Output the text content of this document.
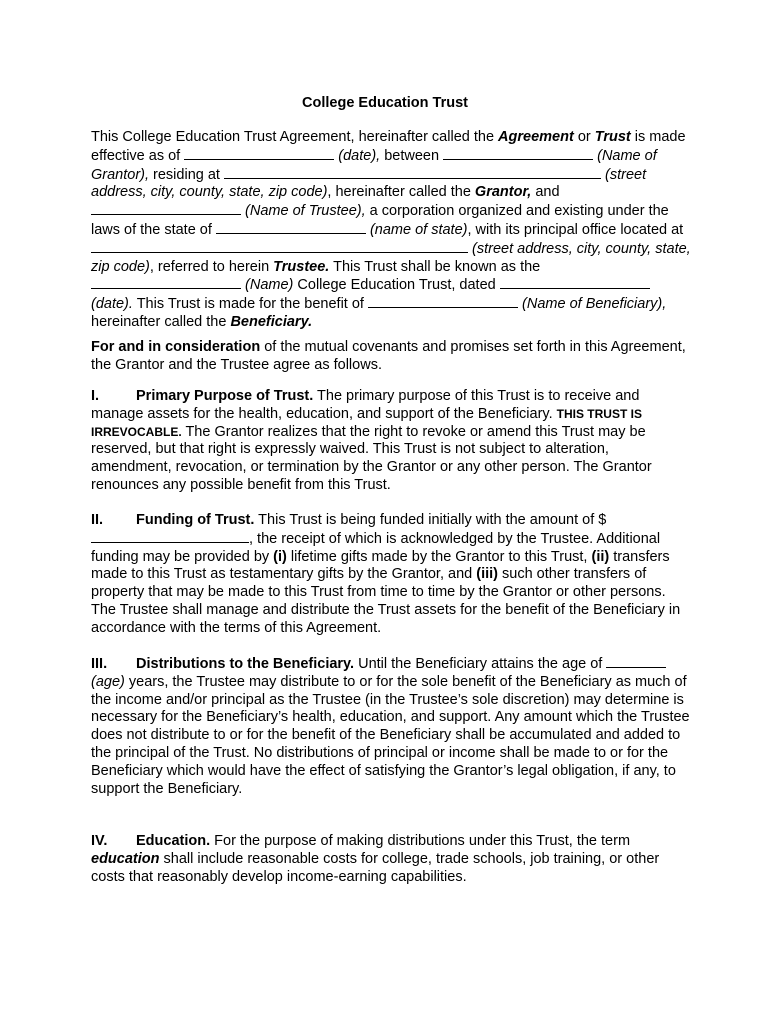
College Education Trust

This College Education Trust Agreement, hereinafter called the Agreement or Trust is made effective as of	(date), between	(Name of Grantor), residing at	(street address, city, county, state, zip code), hereinafter called the Grantor, and  (Name of Trustee), a corporation organized and existing under the laws of the state of	(name of state), with its principal office located at  (street address, city, county, state, zip code), referred to herein Trustee. This Trust shall be known as the  (Name) College Education Trust, dated  (date). This Trust is made for the benefit of	(Name of Beneficiary), hereinafter called the Beneficiary.

For and in consideration of the mutual covenants and promises set forth in this Agreement, the Grantor and the Trustee agree as follows.

I.	Primary Purpose of Trust. The primary purpose of this Trust is to receive and manage assets for the health, education, and support of the Beneficiary. THIS TRUST IS IRREVOCABLE. The Grantor realizes that the right to revoke or amend this Trust may be reserved, but that right is expressly waived. This Trust is not subject to alteration, amendment, revocation, or termination by the Grantor or any other person. The Grantor renounces any possible benefit from this Trust.

II. Funding of Trust. This Trust is being funded initially with the amount of $, the receipt of which is acknowledged by the Trustee. Additional funding may be provided by (i) lifetime gifts made by the Grantor to this Trust, (ii) transfers made to this Trust as testamentary gifts by the Grantor, and (iii) such other transfers of property that may be made to this Trust from time to time by the Grantor or other persons. The Trustee shall manage and distribute the Trust assets for the benefit of the Beneficiary in accordance with the terms of this Agreement.

III. Distributions to the Beneficiary. Until the Beneficiary attains the age of  (age) years, the Trustee may distribute to or for the sole benefit of the Beneficiary as much of the income and/or principal as the Trustee (in the Trustee’s sole discretion) may determine is necessary for the Beneficiary’s health, education, and support. Any amount which the Trustee does not distribute to or for the benefit of the Beneficiary shall be accumulated and added to the principal of the Trust. No distributions of principal or income shall be made to or for the Beneficiary which would have the effect of satisfying the Grantor’s legal obligation, if any, to support the Beneficiary.

IV. Education. For the purpose of making distributions under this Trust, the term education shall include reasonable costs for college, trade schools, job training, or other costs that reasonably develop income-earning capabilities.
